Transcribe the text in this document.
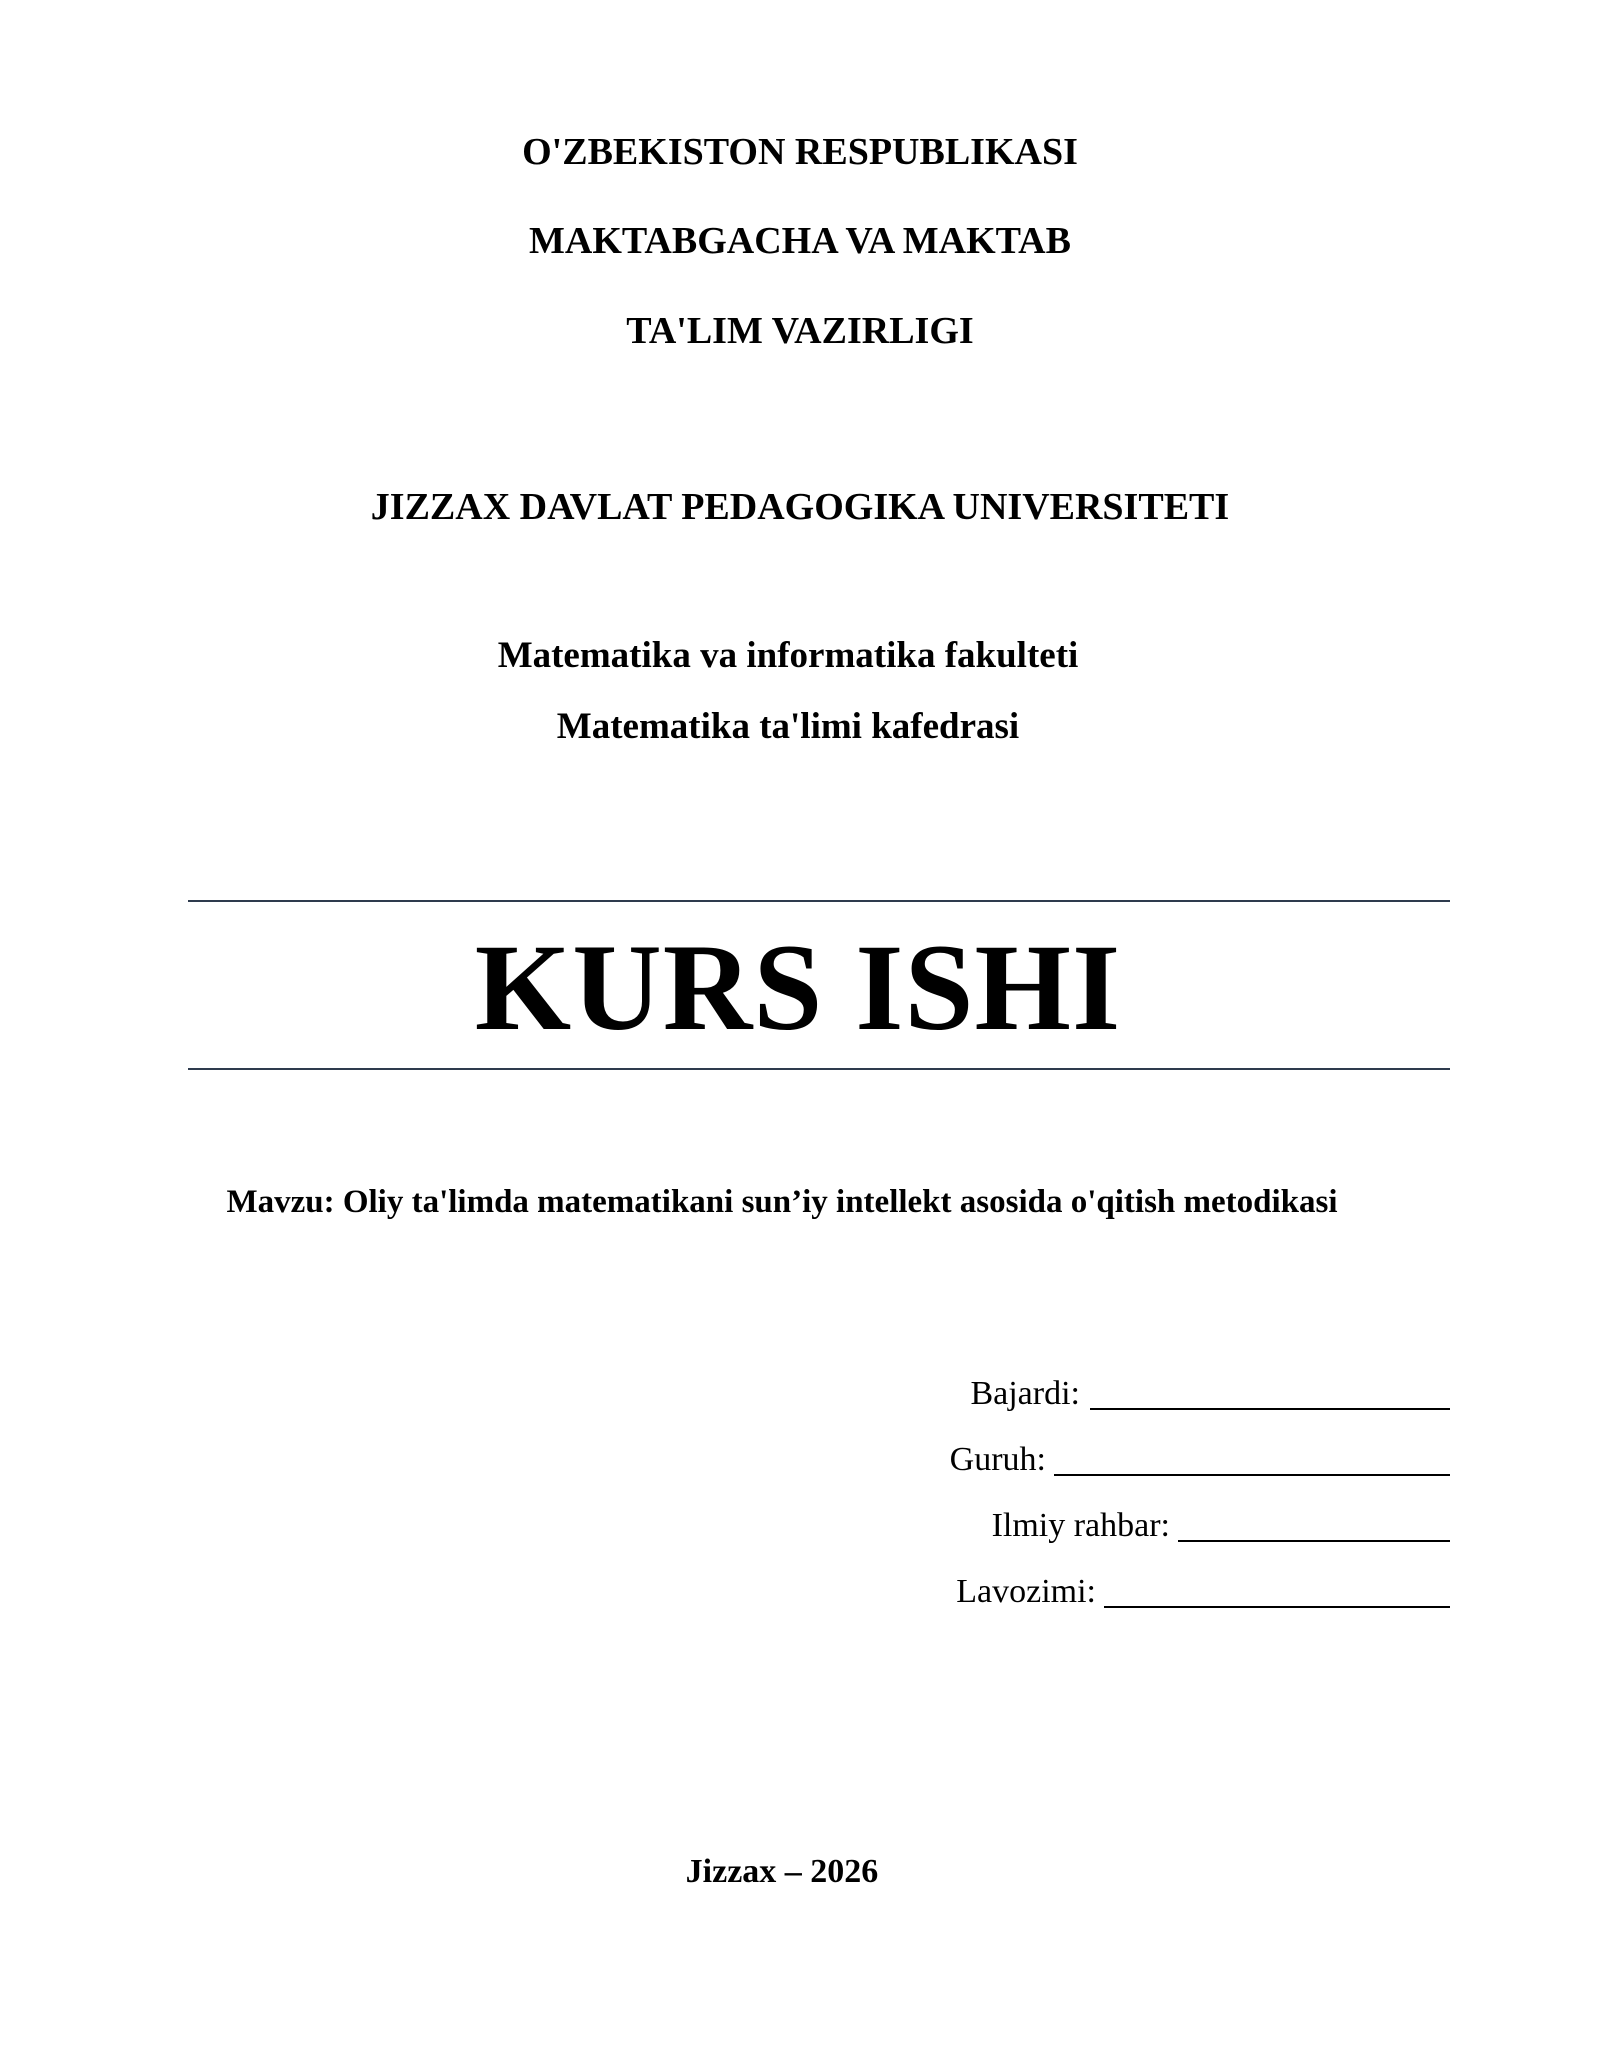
O'ZBEKISTON RESPUBLIKASI
MAKTABGACHA VA MAKTAB
TA'LIM VAZIRLIGI
JIZZAX DAVLAT PEDAGOGIKA UNIVERSITETI
Matematika va informatika fakulteti
Matematika ta'limi kafedrasi
KURS ISHI
Mavzu: Oliy ta'limda matematikani sun’iy intellekt asosida o'qitish metodikasi
Bajardi:
Guruh:
Ilmiy rahbar:
Lavozimi:
Jizzax – 2026
